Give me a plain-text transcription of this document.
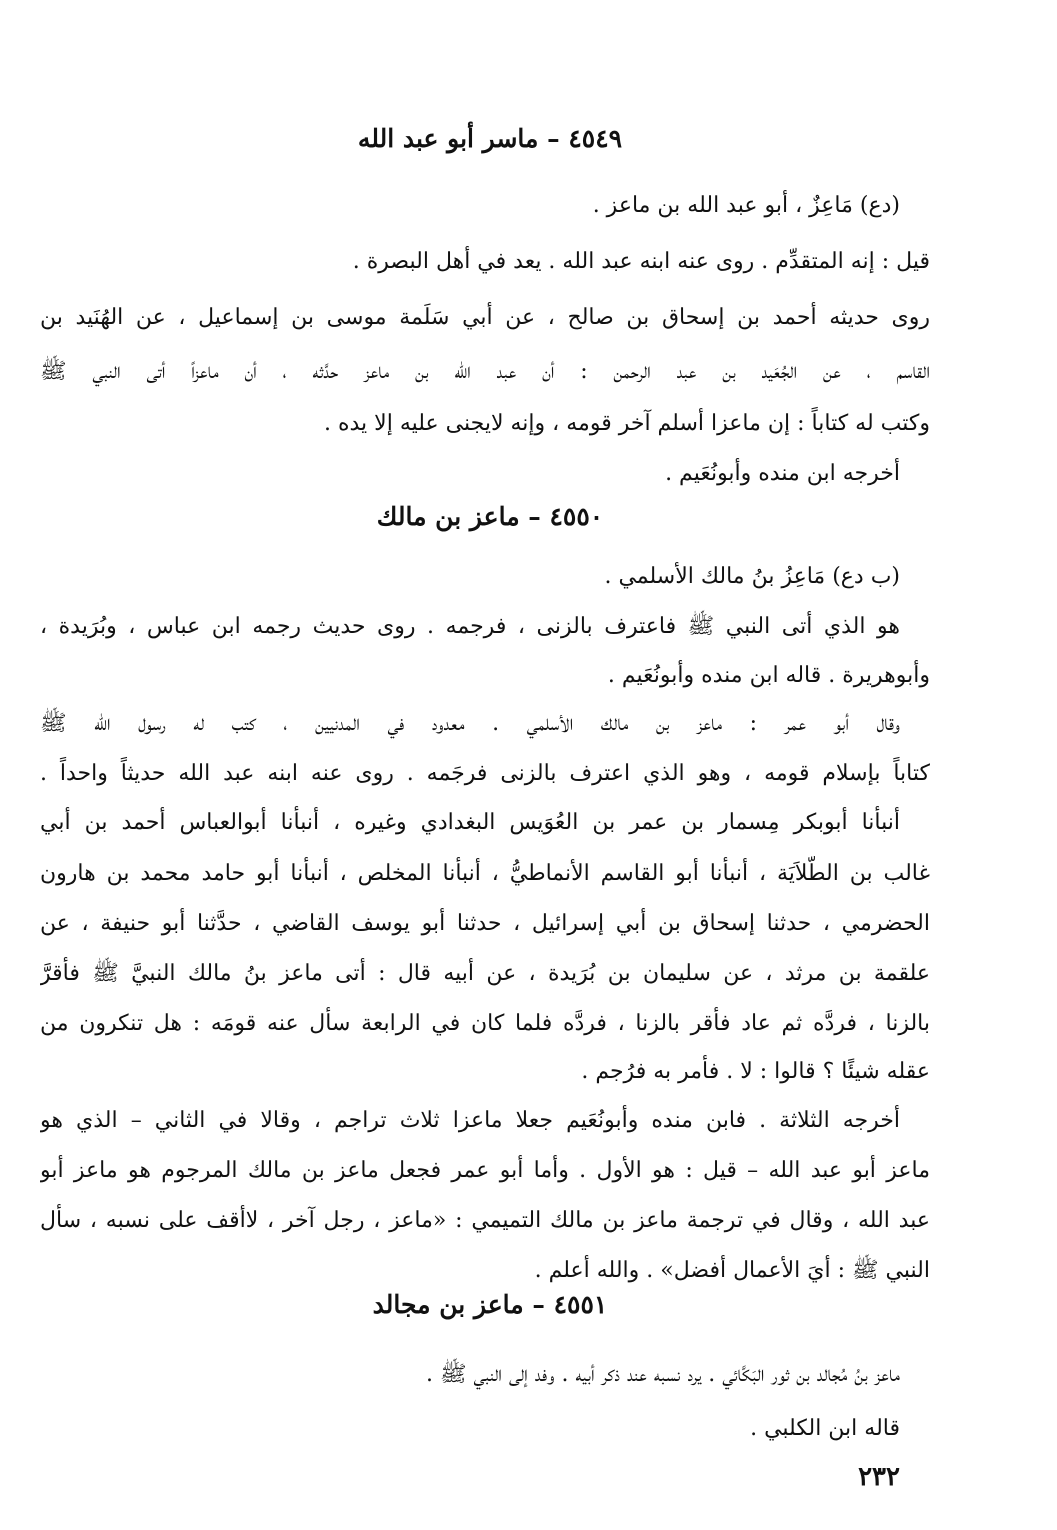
٤٥٤٩ – ماسر أبو عبد الله
(دع) مَاعِزٌ ، أبو عبد الله بن ماعز .
قيل : إنه المتقدِّم . روى عنه ابنه عبد الله . يعد في أهل البصرة .
روى حديثه أحمد بن إسحاق بن صالح ، عن أبي سَلَمة موسى بن إسماعيل ، عن الهُنَيد بن
القاسم ، عن الجُعَيد بن عبد الرحمن : أن عبد الله بن ماعز حدَّثه ، أن ماعزاً أتى النبي ﷺ
وكتب له كتاباً : إن ماعزا أسلم آخر قومه ، وإنه لايجنى عليه إلا يده .
أخرجه ابن منده وأبونُعَيم .
٤٥٥٠ – ماعز بن مالك
(ب دع) مَاعِزُ بنُ مالك الأسلمي .
هو الذي أتى النبي ﷺ فاعترف بالزنى ، فرجمه . روى حديث رجمه ابن عباس ، وبُرَيدة ،
وأبوهريرة . قاله ابن منده وأبونُعَيم .
وقال أبو عمر : ماعز بن مالك الأسلمي . معدود في المدنيين ، كتب له رسول الله ﷺ
كتاباً بإسلام قومه ، وهو الذي اعترف بالزنى فرجَمه . روى عنه ابنه عبد الله حديثاً واحداً .
أنبأنا أبوبكر مِسمار بن عمر بن العُوَيس البغدادي وغيره ، أنبأنا أبوالعباس أحمد بن أبي
غالب بن الطَّلاَيَة ، أنبأنا أبو القاسم الأنماطيُّ ، أنبأنا المخلص ، أنبأنا أبو حامد محمد بن هارون
الحضرمي ، حدثنا إسحاق بن أبي إسرائيل ، حدثنا أبو يوسف القاضي ، حدَّثنا أبو حنيفة ، عن
علقمة بن مرثد ، عن سليمان بن بُرَيدة ، عن أبيه قال : أتى ماعز بنُ مالك النبيَّ ﷺ فأقرَّ
بالزنا ، فردَّه ثم عاد فأقر بالزنا ، فردَّه فلما كان في الرابعة سأل عنه قومَه : هل تنكرون من
عقله شيئًا ؟ قالوا : لا . فأمر به فرُجم .
أخرجه الثلاثة . فابن منده وأبونُعَيم جعلا ماعزا ثلاث تراجم ، وقالا في الثاني – الذي هو
ماعز أبو عبد الله – قيل : هو الأول . وأما أبو عمر فجعل ماعز بن مالك المرجوم هو ماعز أبو
عبد الله ، وقال في ترجمة ماعز بن مالك التميمي : «ماعز ، رجل آخر ، لاأقف على نسبه ، سأل
النبي ﷺ : أيَ الأعمال أفضل» . والله أعلم .
٤٥٥١ – ماعز بن مجالد
ماعز بنُ مُجالد بن ثور البَكَّائي . يرد نسبه عند ذكر أبيه . وفد إلى النبي ﷺ .
قاله ابن الكلبي .
٢٣٢
